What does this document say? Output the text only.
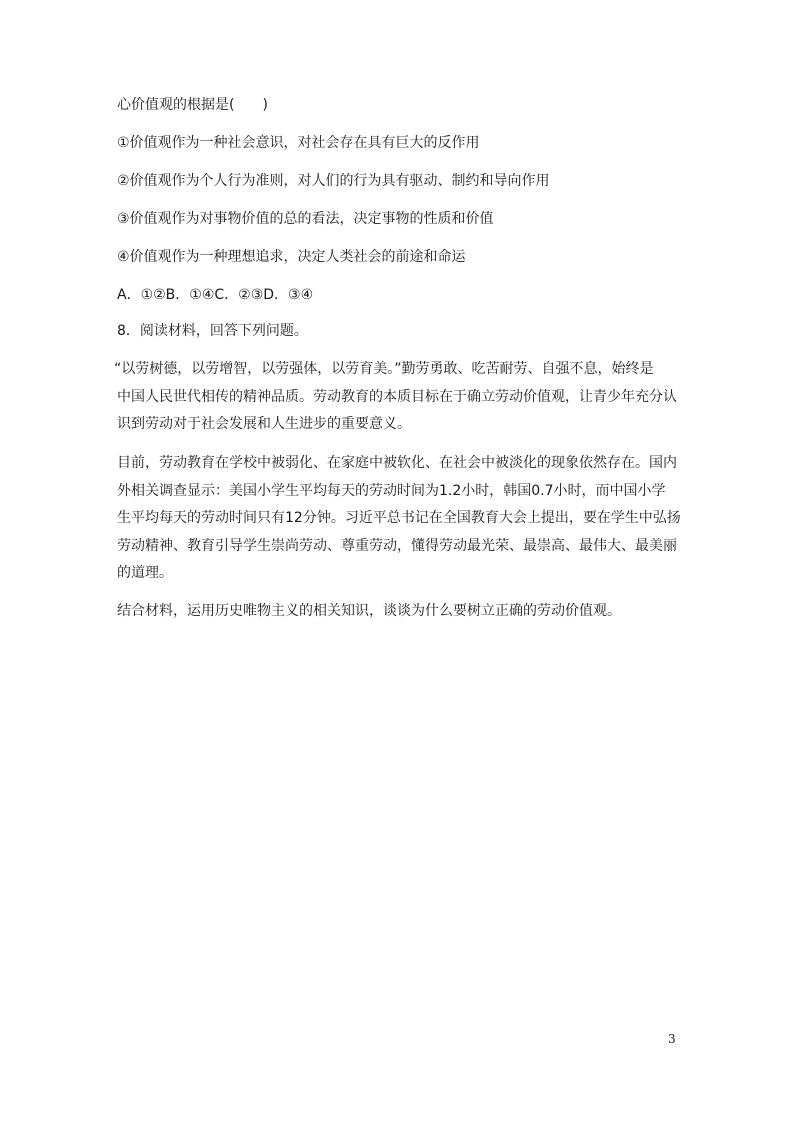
心价值观的根据是(　　)
①价值观作为一种社会意识，对社会存在具有巨大的反作用
②价值观作为个人行为准则，对人们的行为具有驱动、制约和导向作用
③价值观作为对事物价值的总的看法，决定事物的性质和价值
④价值观作为一种理想追求，决定人类社会的前途和命运
A．①②B．①④C．②③D．③④
8．阅读材料，回答下列问题。
“以劳树德，以劳增智，以劳强体，以劳育美。”勤劳勇敢、吃苦耐劳、自强不息，始终是
中国人民世代相传的精神品质。劳动教育的本质目标在于确立劳动价值观，让青少年充分认
识到劳动对于社会发展和人生进步的重要意义。
目前，劳动教育在学校中被弱化、在家庭中被软化、在社会中被淡化的现象依然存在。国内
外相关调查显示：美国小学生平均每天的劳动时间为1.2小时，韩国0.7小时，而中国小学
生平均每天的劳动时间只有12分钟。习近平总书记在全国教育大会上提出，要在学生中弘扬
劳动精神、教育引导学生崇尚劳动、尊重劳动，懂得劳动最光荣、最崇高、最伟大、最美丽
的道理。
结合材料，运用历史唯物主义的相关知识，谈谈为什么要树立正确的劳动价值观。
3
